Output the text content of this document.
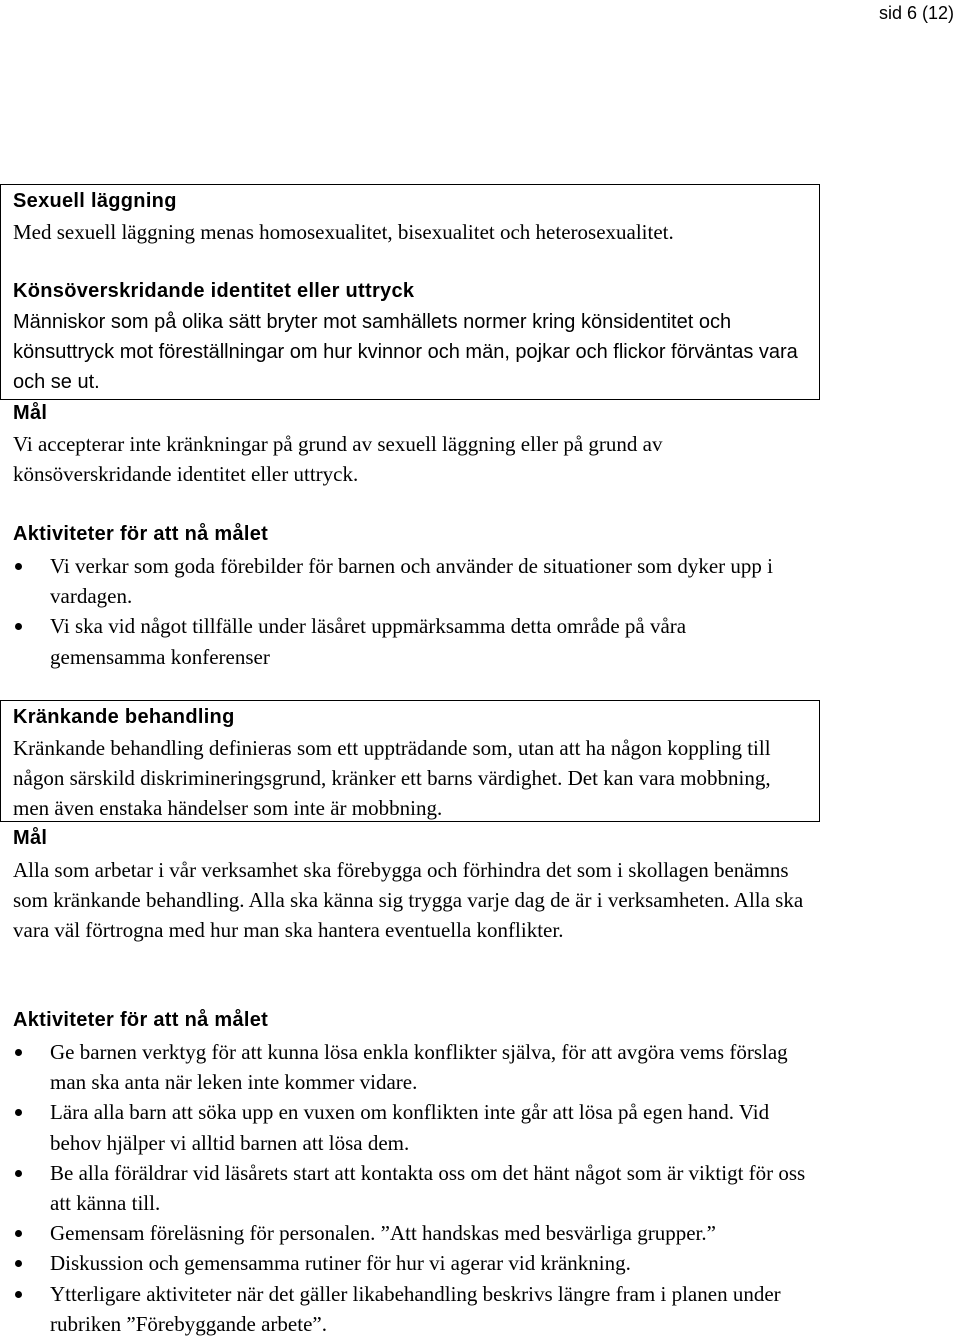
sid 6 (12)
Sexuell läggning

Med sexuell läggning menas homosexualitet, bisexualitet och heterosexualitet.

Könsöverskridande identitet eller uttryck

Människor som på olika sätt bryter mot samhällets normer kring könsidentitet och könsuttryck mot föreställningar om hur kvinnor och män, pojkar och flickor förväntas vara och se ut.

Mål

Vi accepterar inte kränkningar på grund av sexuell läggning eller på grund av könsöverskridande identitet eller uttryck.

Aktiviteter för att nå målet
Vi verkar som goda förebilder för barnen och använder de situationer som dyker upp i vardagen.
Vi ska vid något tillfälle under läsåret uppmärksamma detta område på våra gemensamma konferenser
Kränkande behandling

Kränkande behandling definieras som ett uppträdande som, utan att ha någon koppling till någon särskild diskrimineringsgrund, kränker ett barns värdighet. Det kan vara mobbning, men även enstaka händelser som inte är mobbning.

Mål

Alla som arbetar i vår verksamhet ska förebygga och förhindra det som i skollagen benämns som kränkande behandling. Alla ska känna sig trygga varje dag de är i verksamheten. Alla ska vara väl förtrogna med hur man ska hantera eventuella konflikter.

Aktiviteter för att nå målet
Ge barnen verktyg för att kunna lösa enkla konflikter själva, för att avgöra vems förslag man ska anta när leken inte kommer vidare.
Lära alla barn att söka upp en vuxen om konflikten inte går att lösa på egen hand. Vid behov hjälper vi alltid barnen att lösa dem.
Be alla föräldrar vid läsårets start att kontakta oss om det hänt något som är viktigt för oss att känna till.
Gemensam föreläsning för personalen. ”Att handskas med besvärliga grupper.”
Diskussion och gemensamma rutiner för hur vi agerar vid kränkning.
Ytterligare aktiviteter när det gäller likabehandling beskrivs längre fram i planen under rubriken ”Förebyggande arbete”.
